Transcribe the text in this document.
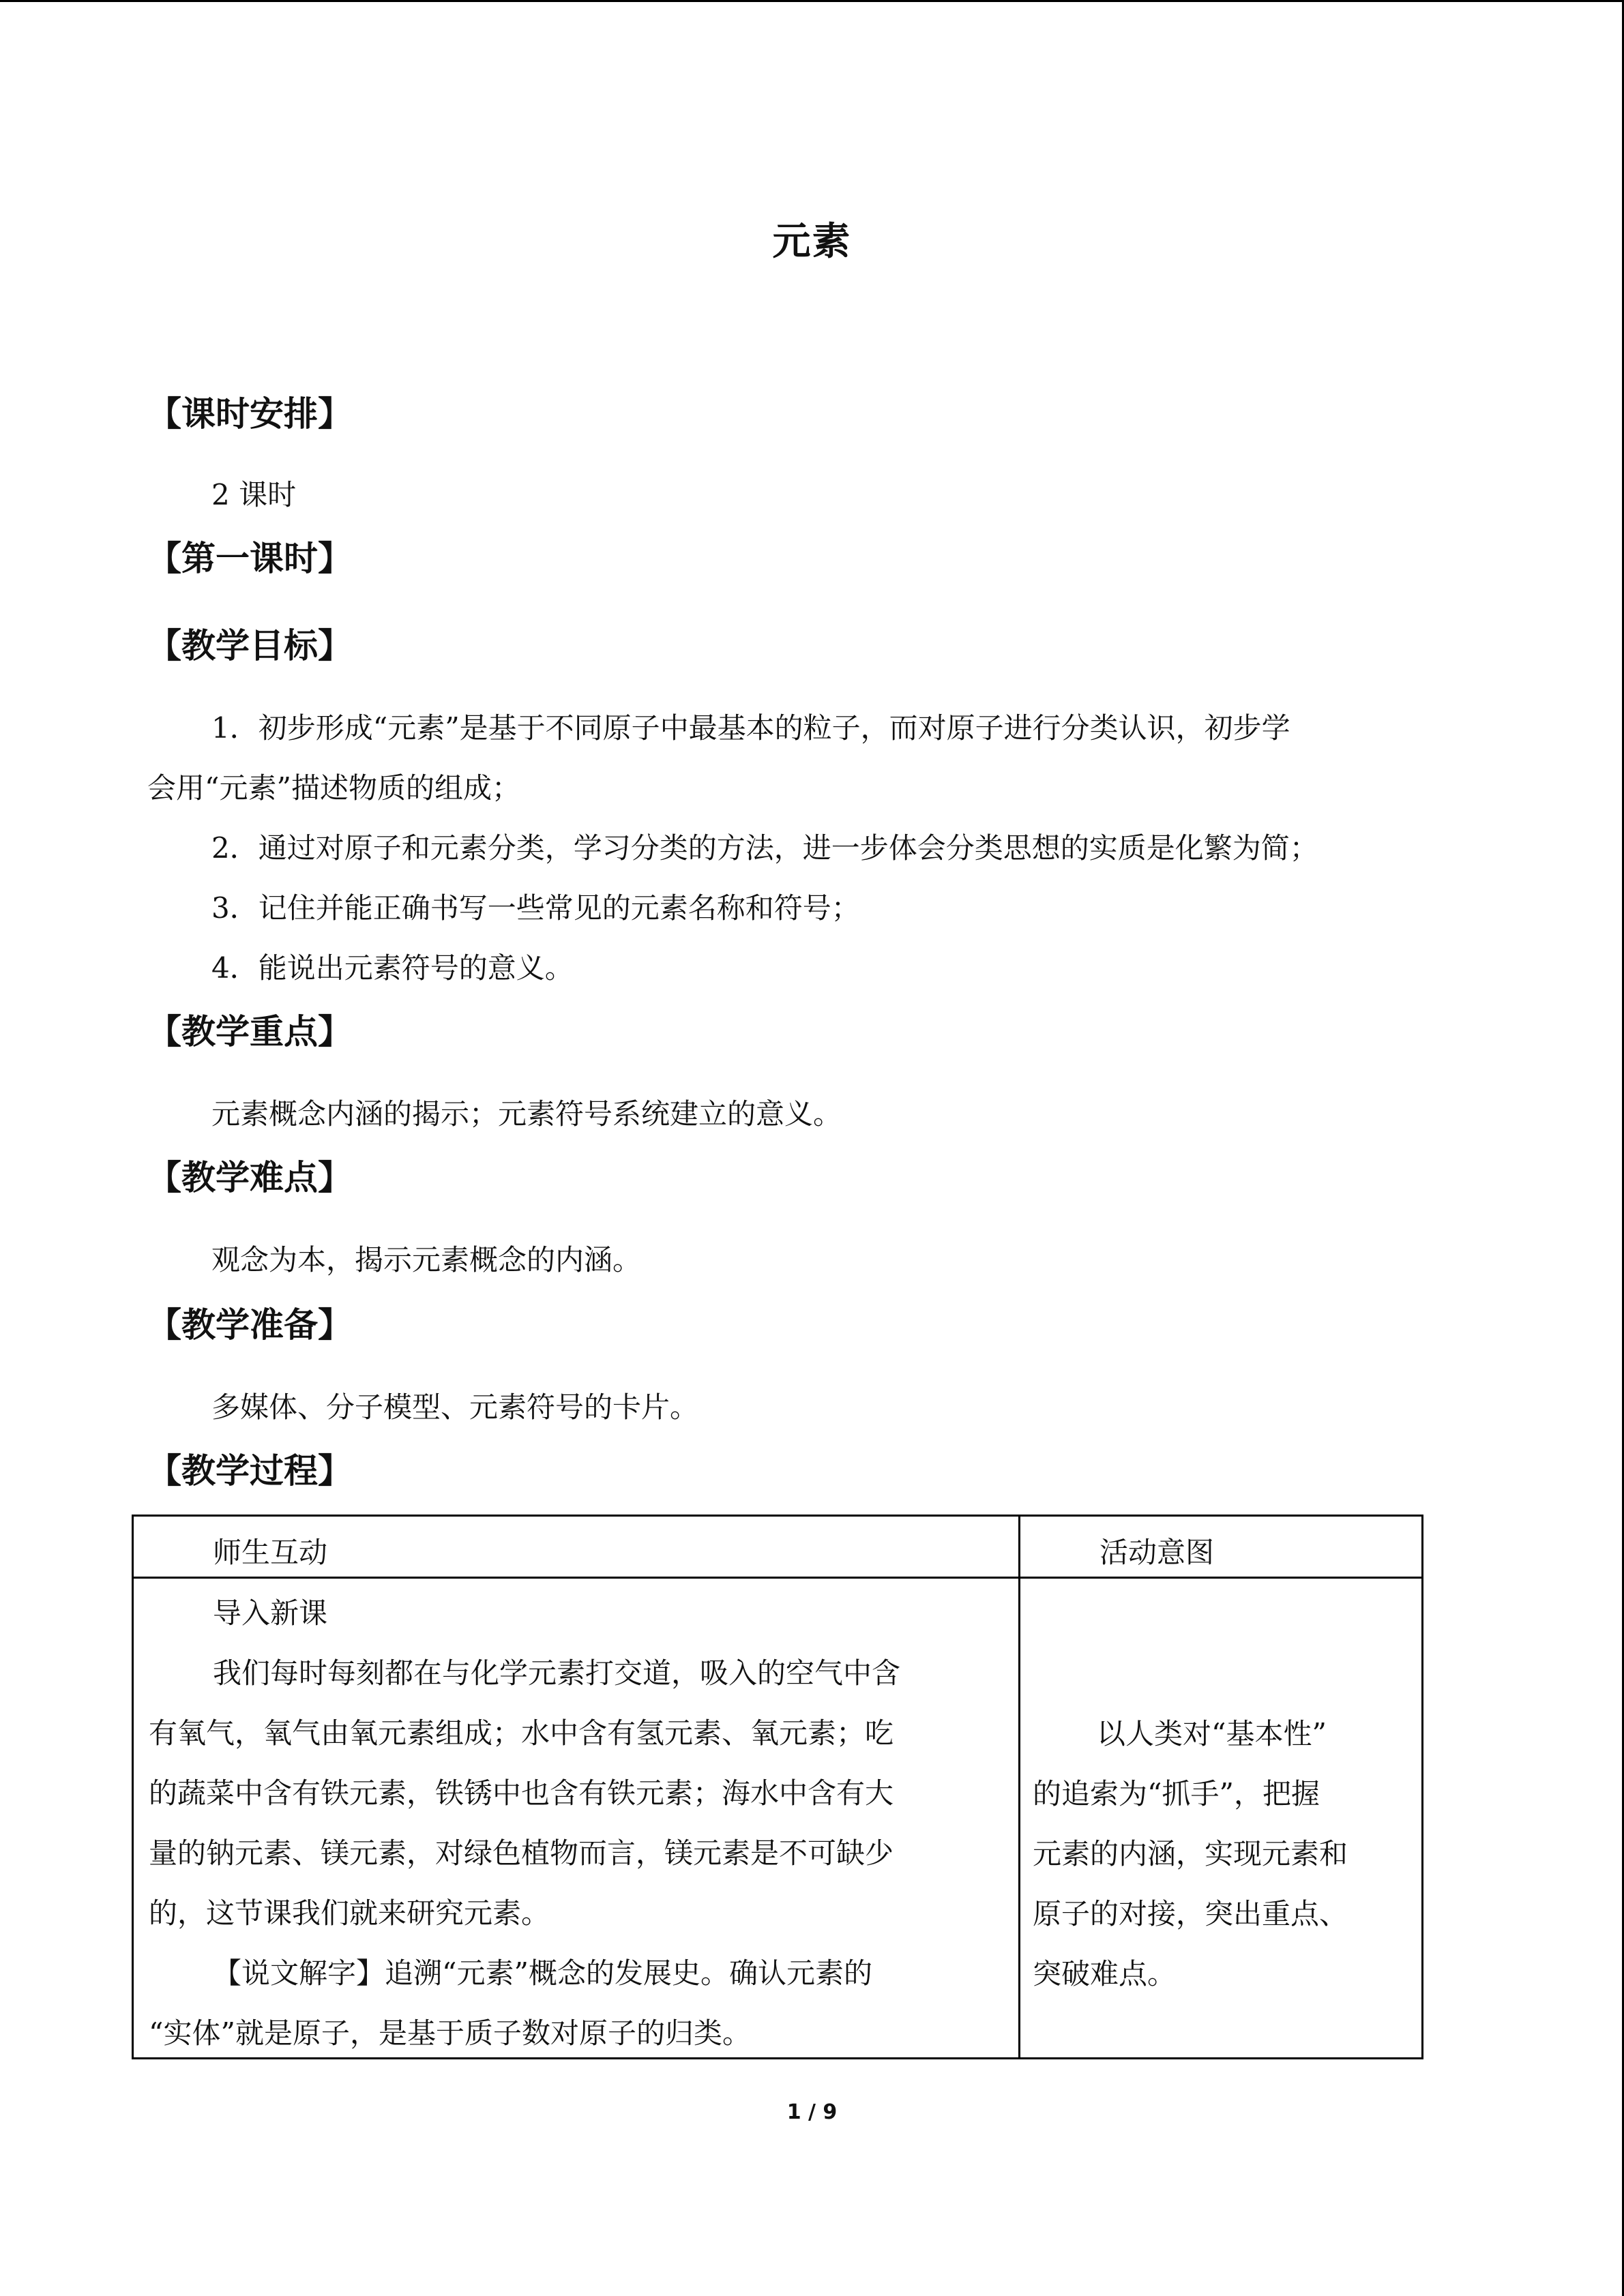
元素
【课时安排】
2 课时
【第一课时】
【教学目标】
1．初步形成“元素”是基于不同原子中最基本的粒子，而对原子进行分类认识，初步学
会用“元素”描述物质的组成；
2．通过对原子和元素分类，学习分类的方法，进一步体会分类思想的实质是化繁为简；
3．记住并能正确书写一些常见的元素名称和符号；
4．能说出元素符号的意义。
【教学重点】
元素概念内涵的揭示；元素符号系统建立的意义。
【教学难点】
观念为本，揭示元素概念的内涵。
【教学准备】
多媒体、分子模型、元素符号的卡片。
【教学过程】
师生互动	活动意图
导入新课
我们每时每刻都在与化学元素打交道，吸入的空气中含
有氧气，氧气由氧元素组成；水中含有氢元素、氧元素；吃
的蔬菜中含有铁元素，铁锈中也含有铁元素；海水中含有大
量的钠元素、镁元素，对绿色植物而言，镁元素是不可缺少
的，这节课我们就来研究元素。
【说文解字】追溯“元素”概念的发展史。确认元素的
“实体”就是原子，是基于质子数对原子的归类。
以人类对“基本性”
的追索为“抓手”，把握
元素的内涵，实现元素和
原子的对接，突出重点、
突破难点。
1 / 9
